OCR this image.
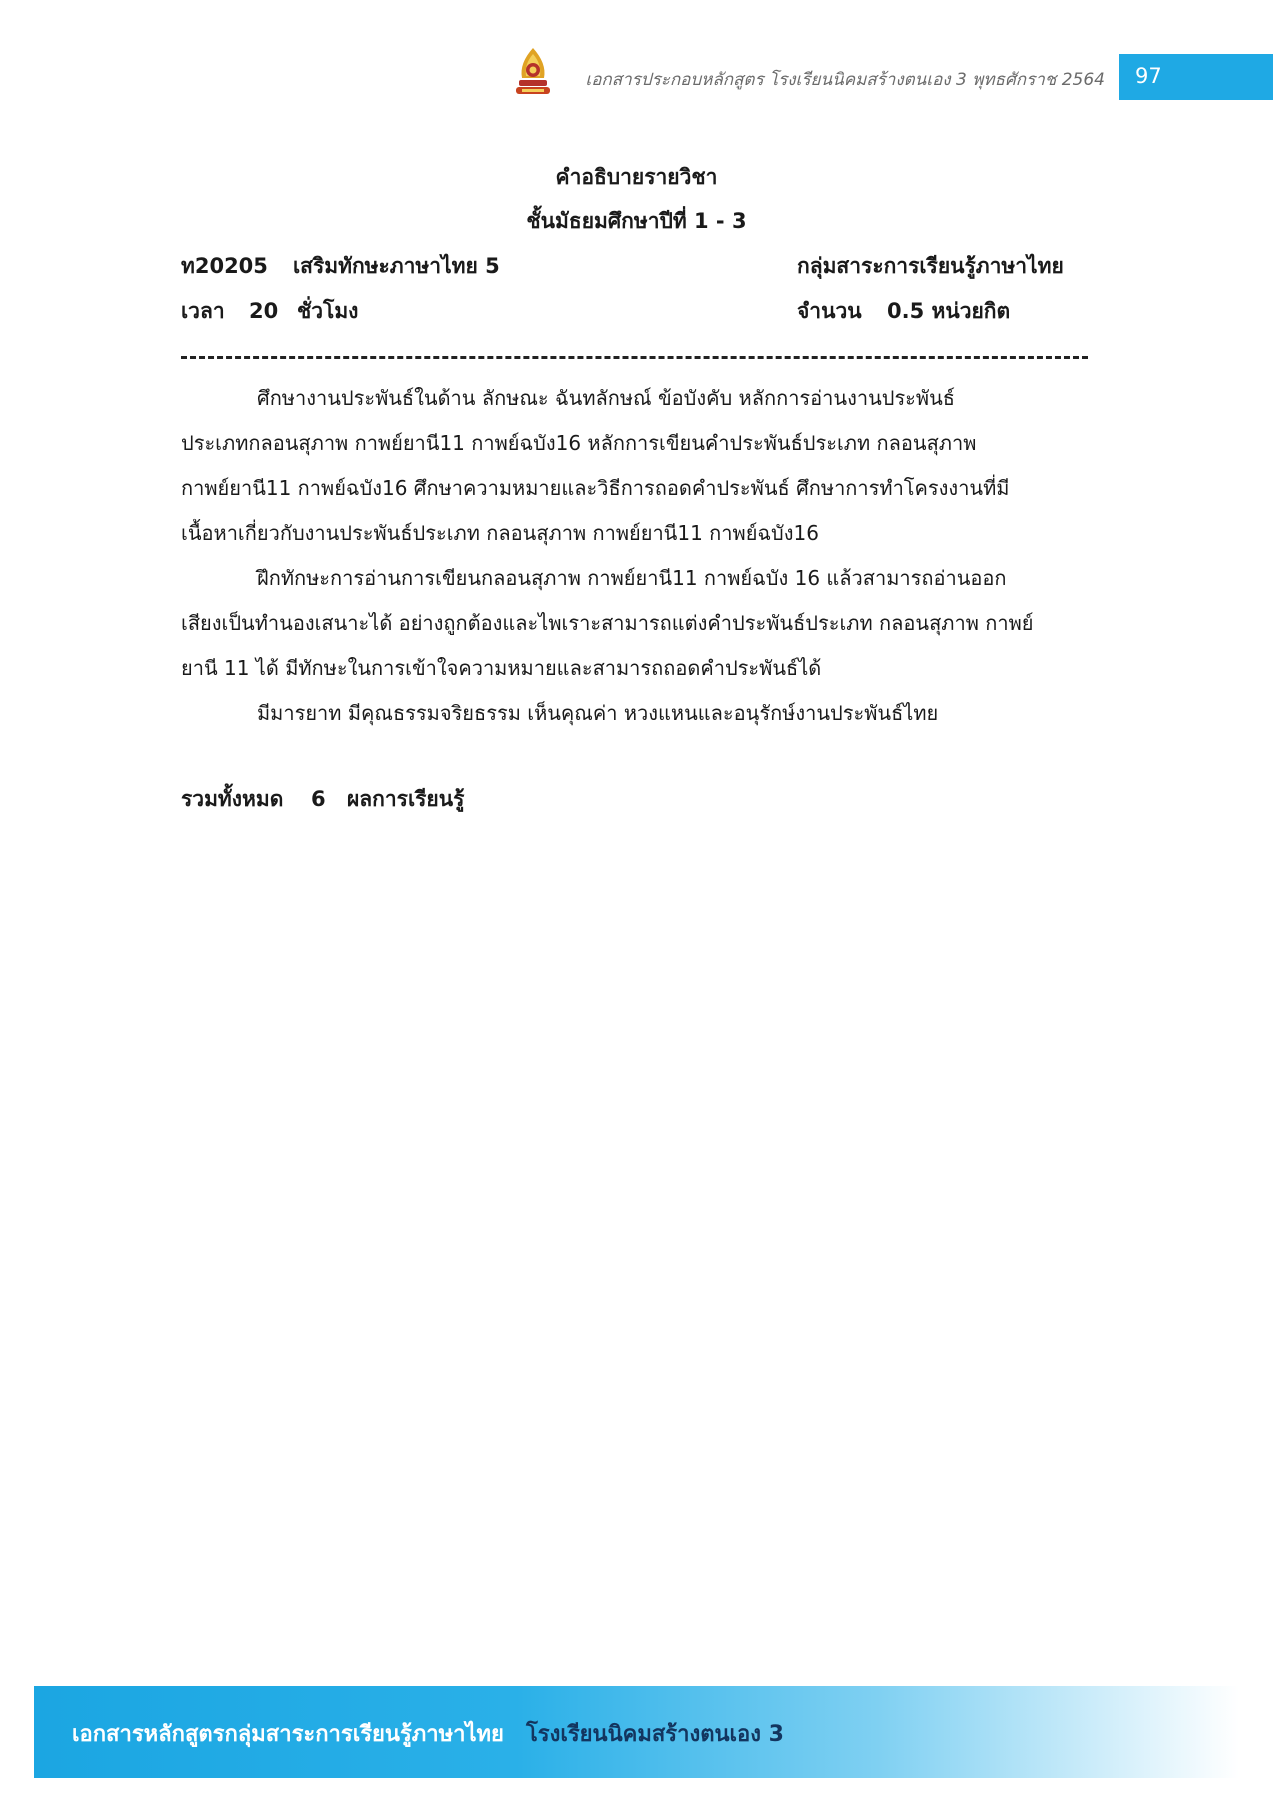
เอกสารประกอบหลักสูตร โรงเรียนนิคมสร้างตนเอง 3 พุทธศักราช 2564 97
คำอธิบายรายวิชา
ชั้นมัธยมศึกษาปีที่ 1 - 3
ท20205 เสริมทักษะภาษาไทย 5	กลุ่มสาระการเรียนรู้ภาษาไทย
เวลา 20 ชั่วโมง	จำนวน 0.5 หน่วยกิต

ศึกษางานประพันธ์ในด้าน ลักษณะ ฉันทลักษณ์ ข้อบังคับ หลักการอ่านงานประพันธ์

ประเภทกลอนสุภาพ กาพย์ยานี11 กาพย์ฉบัง16 หลักการเขียนคำประพันธ์ประเภท กลอนสุภาพ

กาพย์ยานี11 กาพย์ฉบัง16 ศึกษาความหมายและวิธีการถอดคำประพันธ์ ศึกษาการทำโครงงานที่มี

เนื้อหาเกี่ยวกับงานประพันธ์ประเภท กลอนสุภาพ กาพย์ยานี11 กาพย์ฉบัง16

ฝึกทักษะการอ่านการเขียนกลอนสุภาพ กาพย์ยานี11 กาพย์ฉบัง 16 แล้วสามารถอ่านออก

เสียงเป็นทำนองเสนาะได้ อย่างถูกต้องและไพเราะสามารถแต่งคำประพันธ์ประเภท กลอนสุภาพ กาพย์

ยานี 11 ได้ มีทักษะในการเข้าใจความหมายและสามารถถอดคำประพันธ์ได้

มีมารยาท มีคุณธรรมจริยธรรม เห็นคุณค่า หวงแหนและอนุรักษ์งานประพันธ์ไทย

รวมทั้งหมด 6 ผลการเรียนรู้
เอกสารหลักสูตรกลุ่มสาระการเรียนรู้ภาษาไทย โรงเรียนนิคมสร้างตนเอง 3
